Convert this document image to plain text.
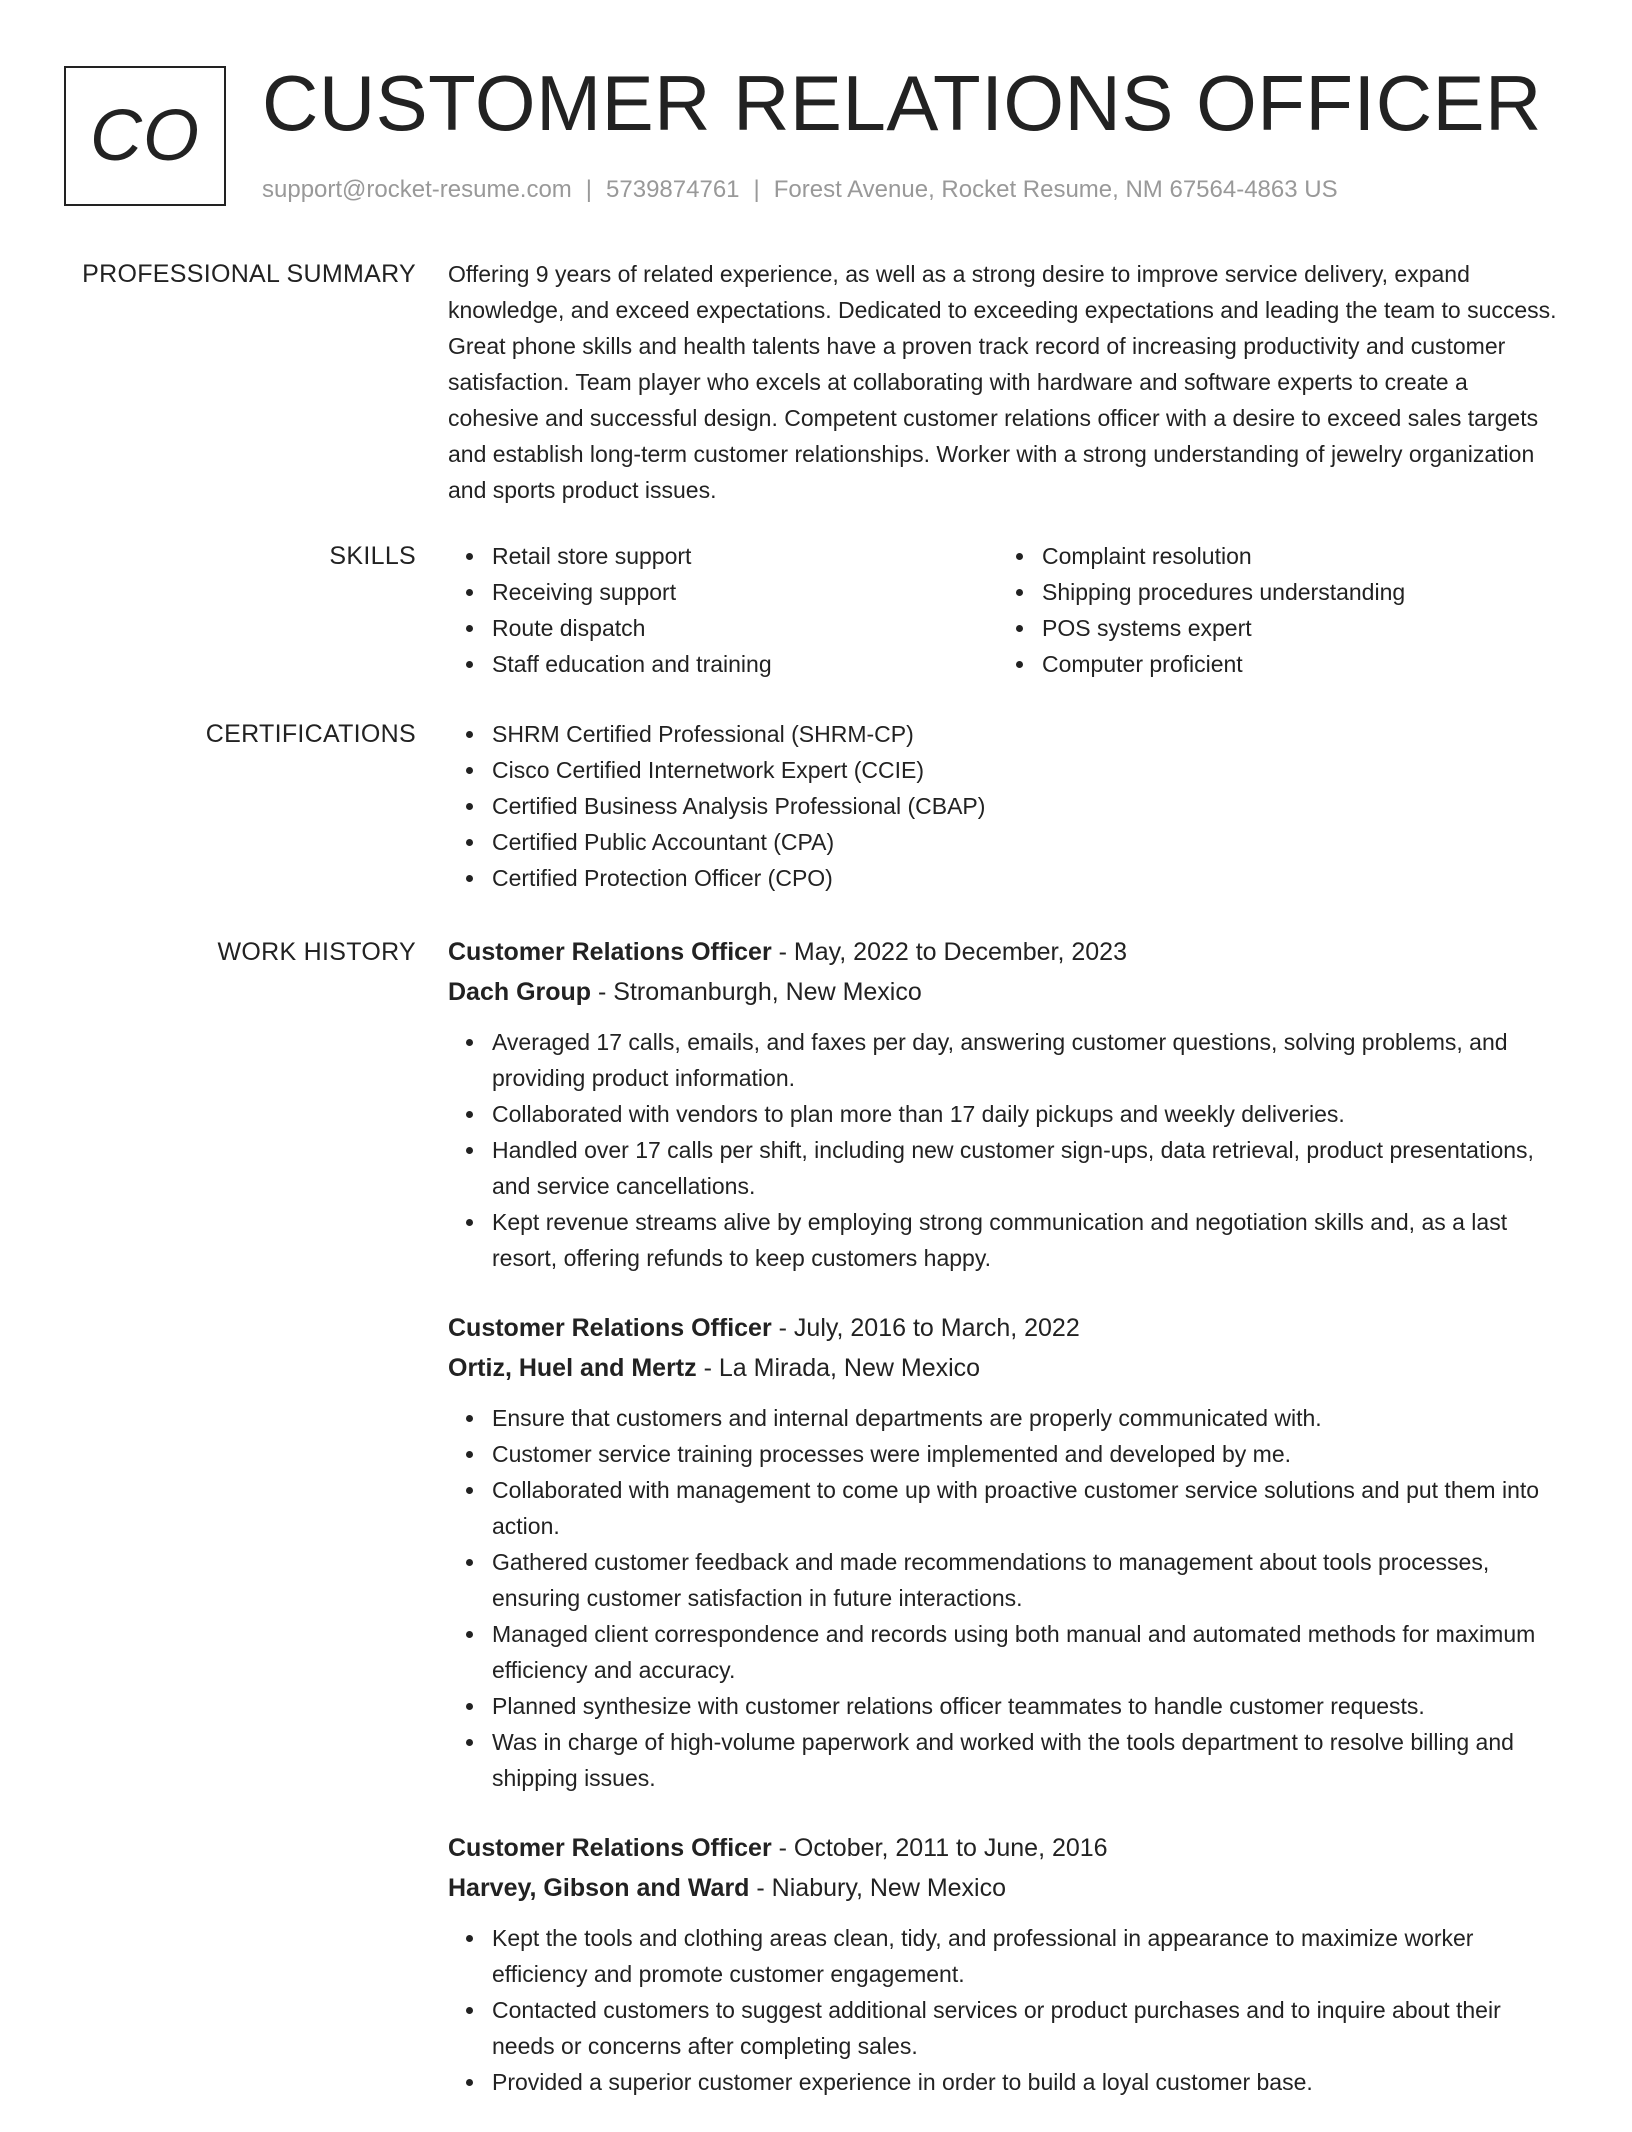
CO CUSTOMER RELATIONS OFFICER
support@rocket-resume.com | 5739874761 | Forest Avenue, Rocket Resume, NM 67564-4863 US
PROFESSIONAL SUMMARY Offering 9 years of related experience, as well as a strong desire to improve service delivery, expand knowledge, and exceed expectations. Dedicated to exceeding expectations and leading the team to success. Great phone skills and health talents have a proven track record of increasing productivity and customer satisfaction. Team player who excels at collaborating with hardware and software experts to create a cohesive and successful design. Competent customer relations officer with a desire to exceed sales targets and establish long-term customer relationships. Worker with a strong understanding of jewelry organization and sports product issues.

SKILLS	Retail store support
Receiving support
Route dispatch
Staff education and training
Complaint resolution
Shipping procedures understanding
POS systems expert
Computer proficient
CERTIFICATIONS	SHRM Certified Professional (SHRM-CP)
Cisco Certified Internetwork Expert (CCIE)
Certified Business Analysis Professional (CBAP)
Certified Public Accountant (CPA)
Certified Protection Officer (CPO)
WORK HISTORY Customer Relations Officer - May, 2022 to December, 2023
Dach Group - Stromanburgh, New Mexico
Averaged 17 calls, emails, and faxes per day, answering customer questions, solving problems, and providing product information.
Collaborated with vendors to plan more than 17 daily pickups and weekly deliveries.
Handled over 17 calls per shift, including new customer sign-ups, data retrieval, product presentations, and service cancellations.
Kept revenue streams alive by employing strong communication and negotiation skills and, as a last resort, offering refunds to keep customers happy.
Customer Relations Officer - July, 2016 to March, 2022
Ortiz, Huel and Mertz - La Mirada, New Mexico
Ensure that customers and internal departments are properly communicated with.
Customer service training processes were implemented and developed by me.
Collaborated with management to come up with proactive customer service solutions and put them into action.
Gathered customer feedback and made recommendations to management about tools processes, ensuring customer satisfaction in future interactions.
Managed client correspondence and records using both manual and automated methods for maximum efficiency and accuracy.
Planned synthesize with customer relations officer teammates to handle customer requests.
Was in charge of high-volume paperwork and worked with the tools department to resolve billing and shipping issues.
Customer Relations Officer - October, 2011 to June, 2016
Harvey, Gibson and Ward - Niabury, New Mexico
Kept the tools and clothing areas clean, tidy, and professional in appearance to maximize worker efficiency and promote customer engagement.
Contacted customers to suggest additional services or product purchases and to inquire about their needs or concerns after completing sales.
Provided a superior customer experience in order to build a loyal customer base.
